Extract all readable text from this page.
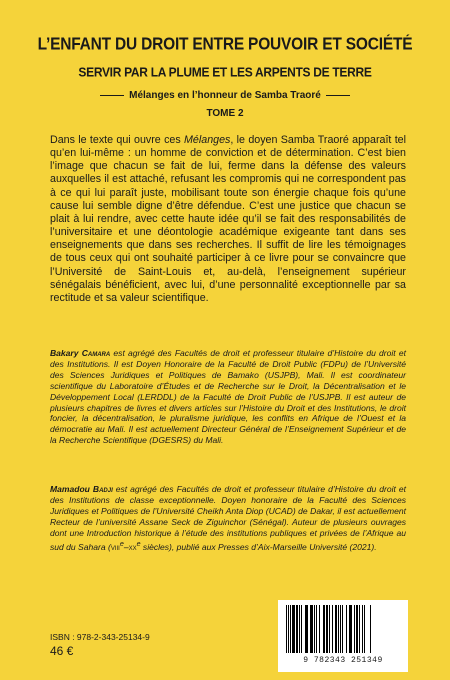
L’ENFANT DU DROIT ENTRE POUVOIR ET SOCIÉTÉ
SERVIR PAR LA PLUME ET LES ARPENTS DE TERRE
Mélanges en l’honneur de Samba Traoré
TOME 2

Dans le texte qui ouvre ces Mélanges, le doyen Samba Traoré apparaît tel qu’en lui-même : un homme de conviction et de détermination. C’est bien l’image que chacun se fait de lui, ferme dans la défense des valeurs auxquelles il est attaché, refusant les compromis qui ne correspondent pas à ce qui lui paraît juste, mobilisant toute son énergie chaque fois qu’une cause lui semble digne d’être défendue. C’est une justice que chacun se plait à lui rendre, avec cette haute idée qu’il se fait des responsabilités de l’universitaire et une déontologie académique exigeante tant dans ses enseignements que dans ses recherches. Il suffit de lire les témoignages de tous ceux qui ont souhaité participer à ce livre pour se convaincre que l’Université de Saint-Louis et, au-delà, l’enseignement supérieur sénégalais bénéficient, avec lui, d’une personnalité exceptionnelle par sa rectitude et sa valeur scientifique.

Bakary Camara est agrégé des Facultés de droit et professeur titulaire d’Histoire du droit et des Institutions. Il est Doyen Honoraire de la Faculté de Droit Public (FDPu) de l’Université des Sciences Juridiques et Politiques de Bamako (USJPB), Mali. Il est coordinateur scientifique du Laboratoire d’Études et de Recherche sur le Droit, la Décentralisation et le Développement Local (LERDDL) de la Faculté de Droit Public de l’USJPB. Il est auteur de plusieurs chapitres de livres et divers articles sur l’Histoire du Droit et des Institutions, le droit foncier, la décentralisation, le pluralisme juridique, les conflits en Afrique de l’Ouest et la démocratie au Mali. Il est actuellement Directeur Général de l’Enseignement Supérieur et de la Recherche Scientifique (DGESRS) du Mali.

Mamadou Badji est agrégé des Facultés de droit et professeur titulaire d’Histoire du droit et des Institutions de classe exceptionnelle. Doyen honoraire de la Faculté des Sciences Juridiques et Politiques de l’Université Cheikh Anta Diop (UCAD) de Dakar, il est actuellement Recteur de l’université Assane Seck de Ziguinchor (Sénégal). Auteur de plusieurs ouvrages dont une Introduction historique à l’étude des institutions publiques et privées de l’Afrique au sud du Sahara ($viii^e-xx^e$ siècles), publié aux Presses d’Aix-Marseille Université (2021).

ISBN : 978-2-343-25134-9
46 €
9 782343 251349
